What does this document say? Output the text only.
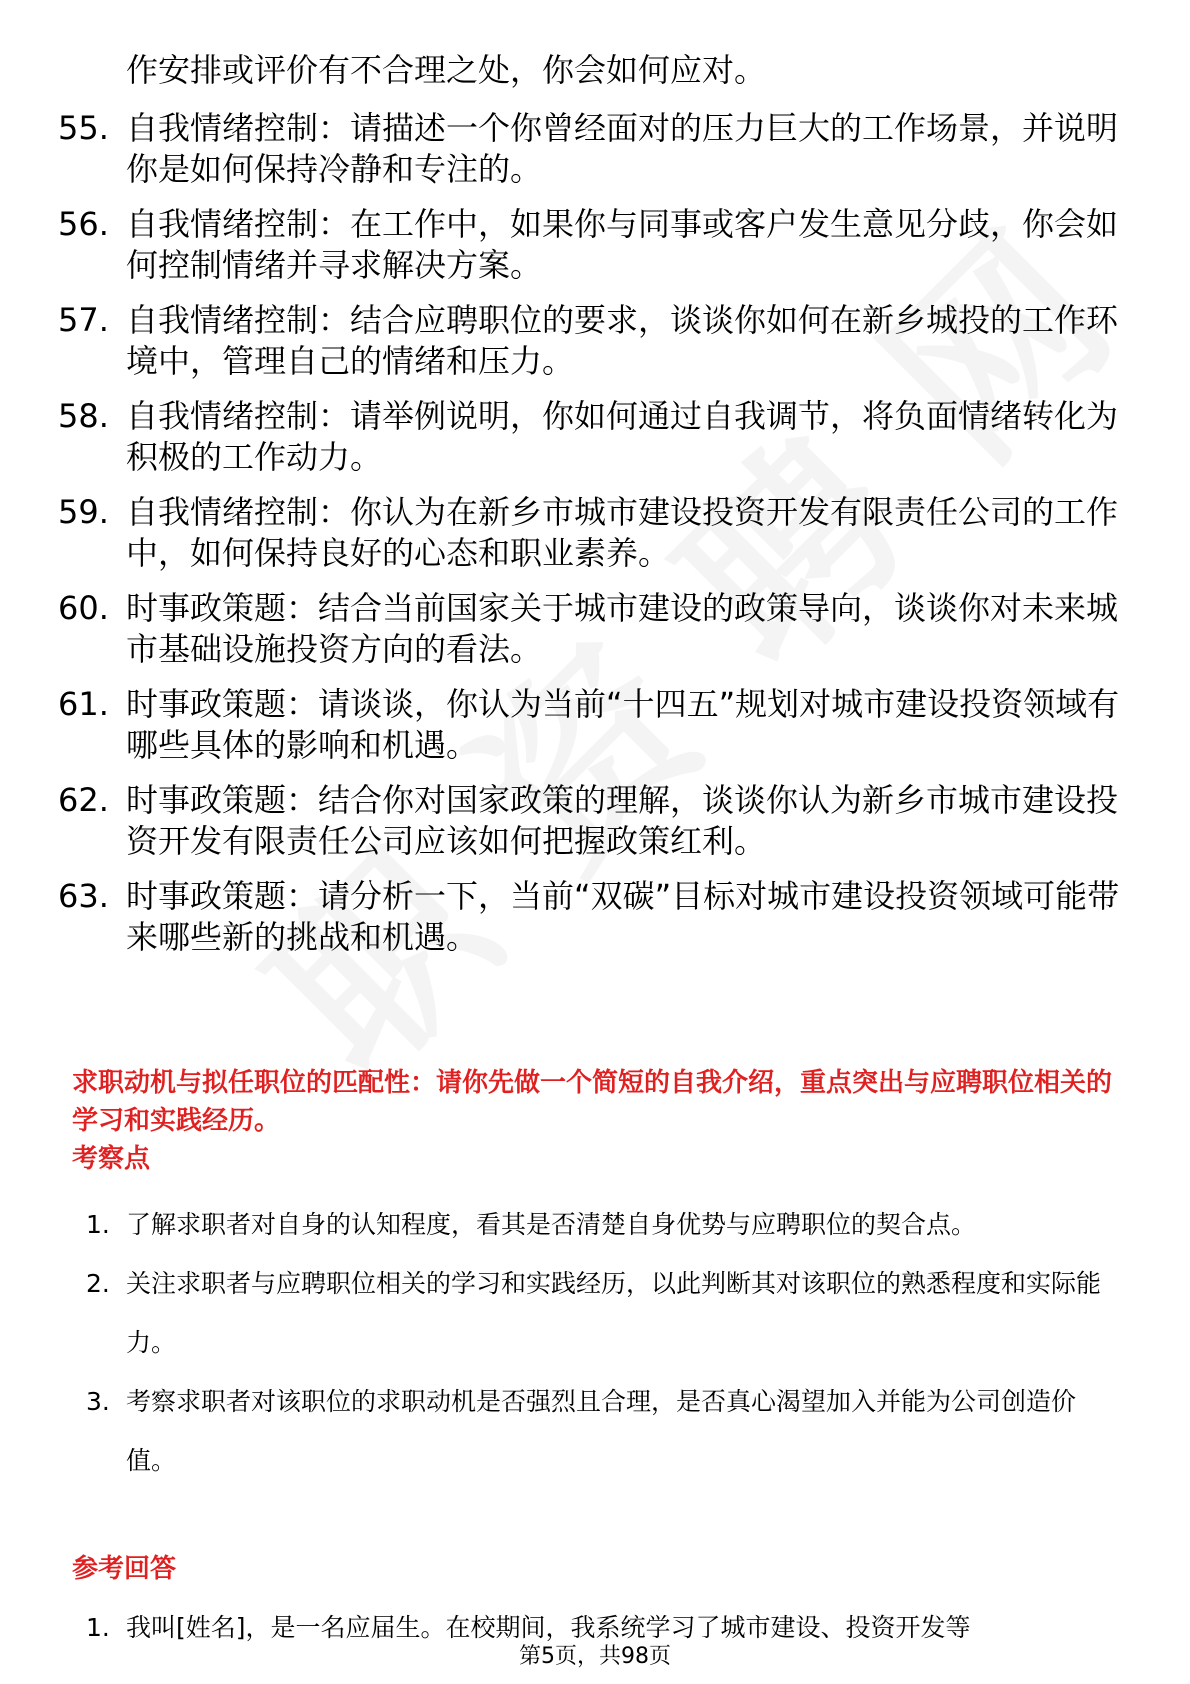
作安排或评价有不合理之处，你会如何应对。
55. 自我情绪控制：请描述一个你曾经面对的压力巨大的工作场景，并说明你是如何保持冷静和专注的。
56. 自我情绪控制：在工作中，如果你与同事或客户发生意见分歧，你会如何控制情绪并寻求解决方案。
57. 自我情绪控制：结合应聘职位的要求，谈谈你如何在新乡城投的工作环境中，管理自己的情绪和压力。
58. 自我情绪控制：请举例说明，你如何通过自我调节，将负面情绪转化为积极的工作动力。
59. 自我情绪控制：你认为在新乡市城市建设投资开发有限责任公司的工作中，如何保持良好的心态和职业素养。
60. 时事政策题：结合当前国家关于城市建设的政策导向，谈谈你对未来城市基础设施投资方向的看法。
61. 时事政策题：请谈谈，你认为当前“十四五”规划对城市建设投资领域有哪些具体的影响和机遇。
62. 时事政策题：结合你对国家政策的理解，谈谈你认为新乡市城市建设投资开发有限责任公司应该如何把握政策红利。
63. 时事政策题：请分析一下，当前“双碳”目标对城市建设投资领域可能带来哪些新的挑战和机遇。
求职动机与拟任职位的匹配性：请你先做一个简短的自我介绍，重点突出与应聘职位相关的学习和实践经历。
考察点
1. 了解求职者对自身的认知程度，看其是否清楚自身优势与应聘职位的契合点。
2. 关注求职者与应聘职位相关的学习和实践经历，以此判断其对该职位的熟悉程度和实际能力。
3. 考察求职者对该职位的求职动机是否强烈且合理，是否真心渴望加入并能为公司创造价值。
参考回答
1. 我叫[姓名]，是一名应届生。在校期间，我系统学习了城市建设、投资开发等
第5页，共98页
